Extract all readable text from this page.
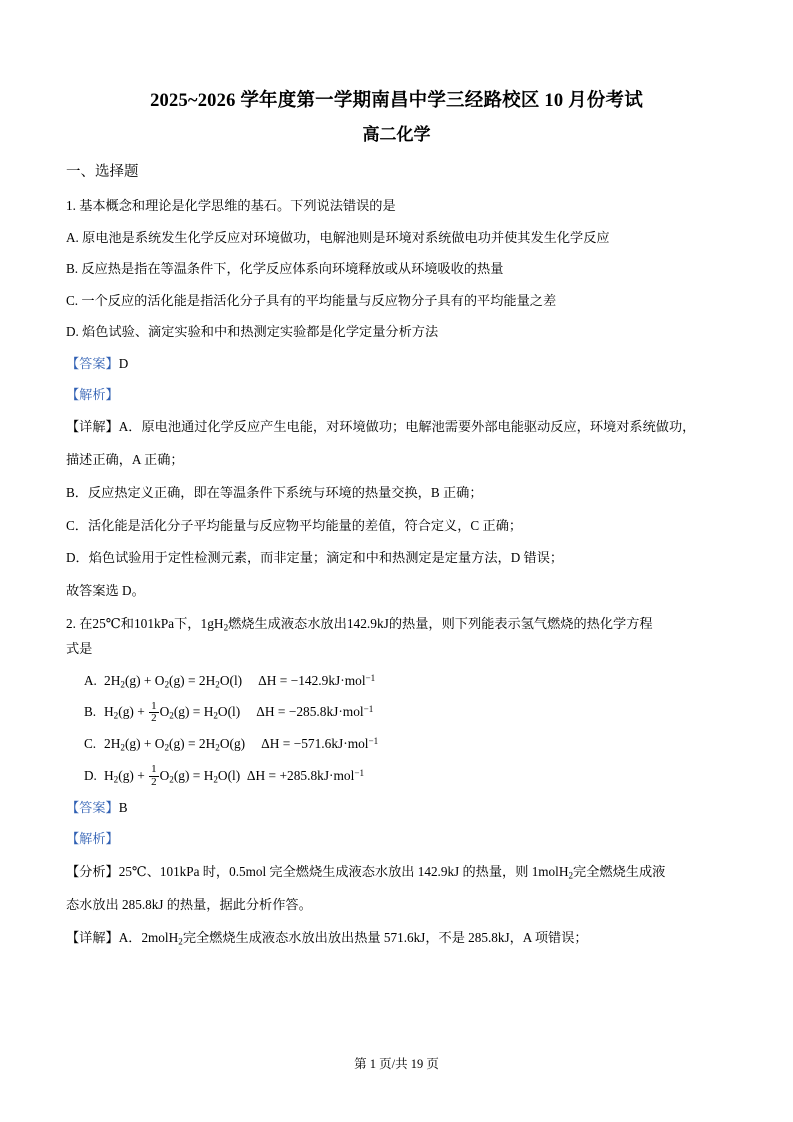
2025~2026 学年度第一学期南昌中学三经路校区 10 月份考试
高二化学
一、选择题
1. 基本概念和理论是化学思维的基石。下列说法错误的是
A. 原电池是系统发生化学反应对环境做功，电解池则是环境对系统做电功并使其发生化学反应
B. 反应热是指在等温条件下，化学反应体系向环境释放或从环境吸收的热量
C. 一个反应的活化能是指活化分子具有的平均能量与反应物分子具有的平均能量之差
D. 焰色试验、滴定实验和中和热测定实验都是化学定量分析方法
【答案】D
【解析】
【详解】A．原电池通过化学反应产生电能，对环境做功；电解池需要外部电能驱动反应，环境对系统做功，
描述正确，A 正确；
B．反应热定义正确，即在等温条件下系统与环境的热量交换，B 正确；
C．活化能是活化分子平均能量与反应物平均能量的差值，符合定义，C 正确；
D．焰色试验用于定性检测元素，而非定量；滴定和中和热测定是定量方法，D 错误；
故答案选 D。
2. 在25℃和101kPa下，$1gH_2$燃烧生成液态水放出142.9kJ的热量，则下列能表示氢气燃烧的热化学方程
式是
A. $2H_2(g) + O_2(g) = 2H_2O(l) \Delta H = -142.9kJ\cdot mol^{-1}$
B. $H_2(g) + \frac{1}{2} O_2(g) = H_2O(l) \Delta H = -285.8kJ\cdot mol^{-1}$
C. $2H_2(g) + O_2(g) = 2H_2O(g) \Delta H = -571.6kJ\cdot mol^{-1}$
D. $H_2(g) + \frac{1}{2} O_2(g) = H_2O(l) \Delta H = +285.8kJ\cdot mol^{-1}$
【答案】B
【解析】
【分析】25℃、101kPa 时，0.5mol 完全燃烧生成液态水放出 142.9kJ 的热量，则 1molH$_2$完全燃烧生成液
态水放出 285.8kJ 的热量，据此分析作答。
【详解】A．2molH$_2$完全燃烧生成液态水放出放出热量 571.6kJ，不是 285.8kJ，A 项错误；
第 1 页/共 19 页
